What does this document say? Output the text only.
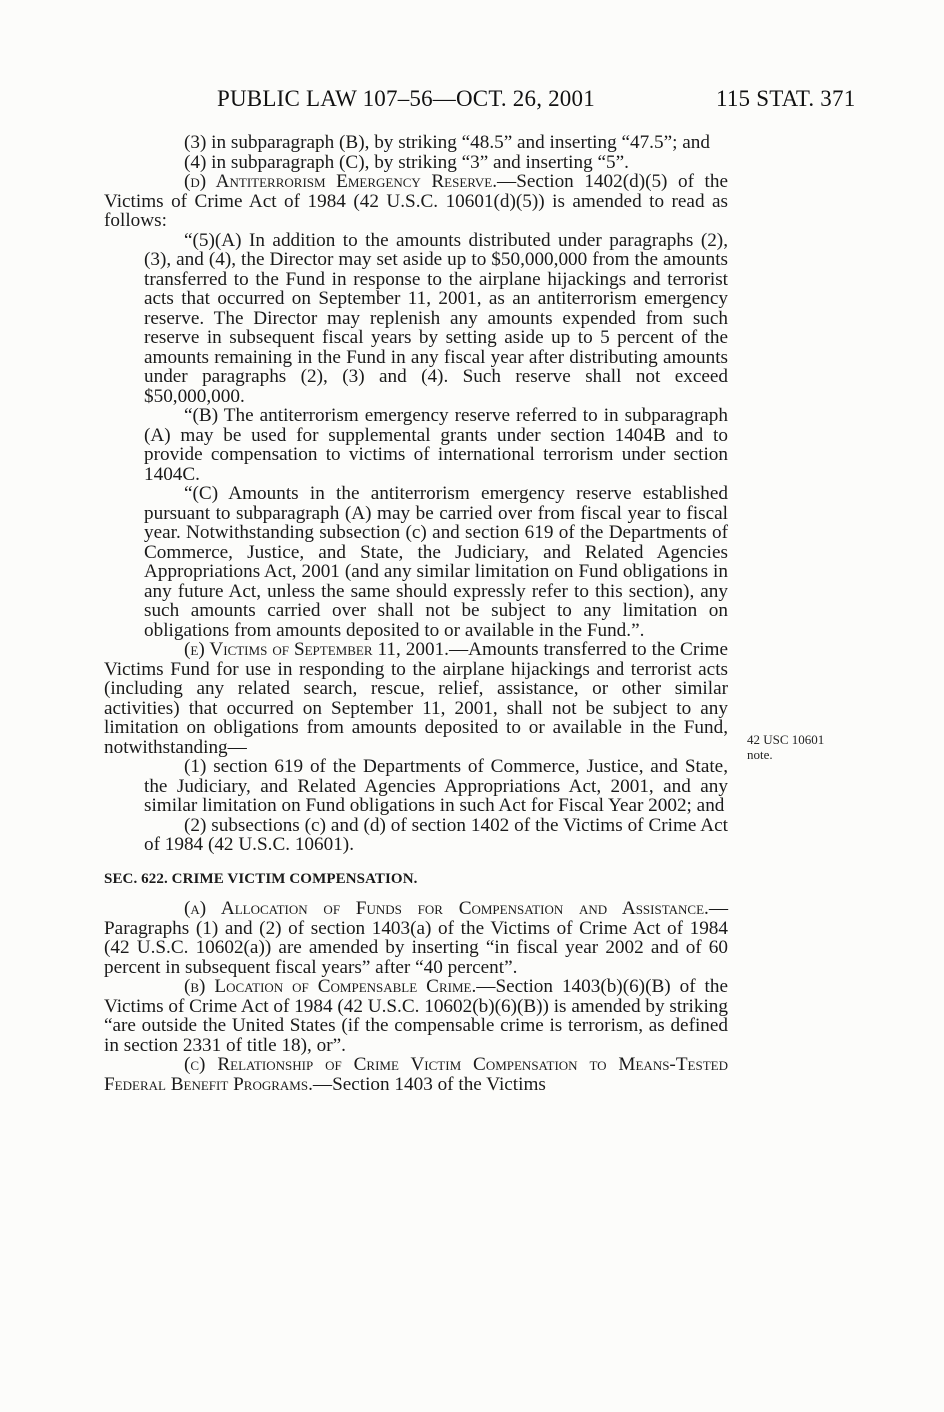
PUBLIC LAW 107–56—OCT. 26, 2001	115 STAT. 371
42 USC 10601
note.

(3) in subparagraph (B), by striking “48.5” and inserting “47.5”; and

(4) in subparagraph (C), by striking “3” and inserting “5”.

(d) Antiterrorism Emergency Reserve.—Section 1402(d)(5) of the Victims of Crime Act of 1984 (42 U.S.C. 10601(d)(5)) is amended to read as follows:

“(5)(A) In addition to the amounts distributed under paragraphs (2), (3), and (4), the Director may set aside up to $50,000,000 from the amounts transferred to the Fund in response to the airplane hijackings and terrorist acts that occurred on September 11, 2001, as an antiterrorism emergency reserve. The Director may replenish any amounts expended from such reserve in subsequent fiscal years by setting aside up to 5 percent of the amounts remaining in the Fund in any fiscal year after distributing amounts under paragraphs (2), (3) and (4). Such reserve shall not exceed $50,000,000.

“(B) The antiterrorism emergency reserve referred to in subparagraph (A) may be used for supplemental grants under section 1404B and to provide compensation to victims of international terrorism under section 1404C.

“(C) Amounts in the antiterrorism emergency reserve established pursuant to subparagraph (A) may be carried over from fiscal year to fiscal year. Notwithstanding subsection (c) and section 619 of the Departments of Commerce, Justice, and State, the Judiciary, and Related Agencies Appropriations Act, 2001 (and any similar limitation on Fund obligations in any future Act, unless the same should expressly refer to this section), any such amounts carried over shall not be subject to any limitation on obligations from amounts deposited to or available in the Fund.”.

(e) Victims of September 11, 2001.—Amounts transferred to the Crime Victims Fund for use in responding to the airplane hijackings and terrorist acts (including any related search, rescue, relief, assistance, or other similar activities) that occurred on September 11, 2001, shall not be subject to any limitation on obligations from amounts deposited to or available in the Fund, notwithstanding—

(1) section 619 of the Departments of Commerce, Justice, and State, the Judiciary, and Related Agencies Appropriations Act, 2001, and any similar limitation on Fund obligations in such Act for Fiscal Year 2002; and

(2) subsections (c) and (d) of section 1402 of the Victims of Crime Act of 1984 (42 U.S.C. 10601).

SEC. 622. CRIME VICTIM COMPENSATION.

(a) Allocation of Funds for Compensation and Assistance.—Paragraphs (1) and (2) of section 1403(a) of the Victims of Crime Act of 1984 (42 U.S.C. 10602(a)) are amended by inserting “in fiscal year 2002 and of 60 percent in subsequent fiscal years” after “40 percent”.

(b) Location of Compensable Crime.—Section 1403(b)(6)(B) of the Victims of Crime Act of 1984 (42 U.S.C. 10602(b)(6)(B)) is amended by striking “are outside the United States (if the compensable crime is terrorism, as defined in section 2331 of title 18), or”.

(c) Relationship of Crime Victim Compensation to Means-Tested Federal Benefit Programs.—Section 1403 of the Victims
